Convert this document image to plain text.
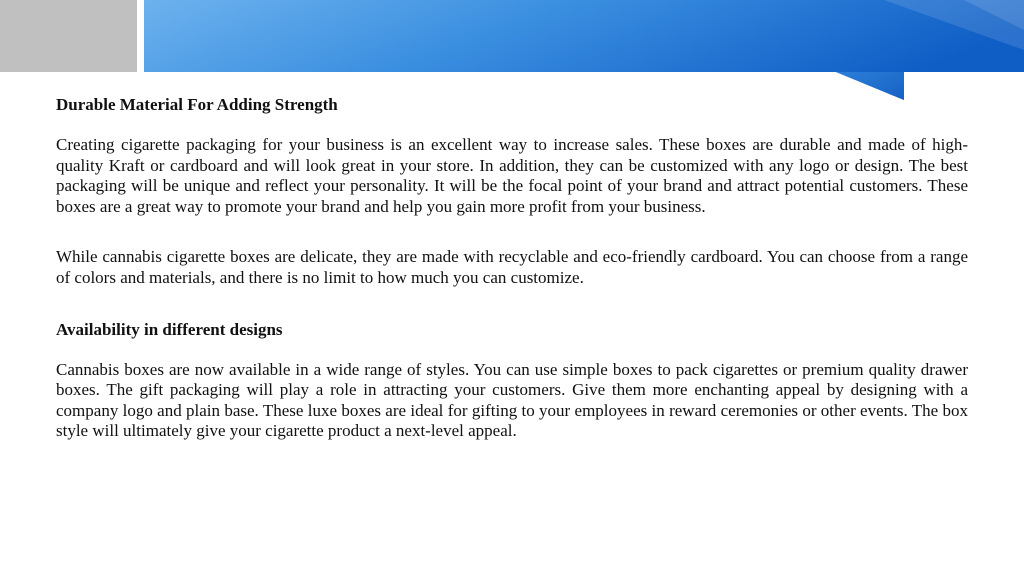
Durable Material For Adding Strength

Creating cigarette packaging for your business is an excellent way to increase sales. These boxes are durable and made of high-quality Kraft or cardboard and will look great in your store. In addition, they can be customized with any logo or design. The best packaging will be unique and reflect your personality. It will be the focal point of your brand and attract potential customers. These boxes are a great way to promote your brand and help you gain more profit from your business.

While cannabis cigarette boxes are delicate, they are made with recyclable and eco-friendly cardboard. You can choose from a range of colors and materials, and there is no limit to how much you can customize.

Availability in different designs

Cannabis boxes are now available in a wide range of styles. You can use simple boxes to pack cigarettes or premium quality drawer boxes. The gift packaging will play a role in attracting your customers. Give them more enchanting appeal by designing with a company logo and plain base. These luxe boxes are ideal for gifting to your employees in reward ceremonies or other events. The box style will ultimately give your cigarette product a next-level appeal.
